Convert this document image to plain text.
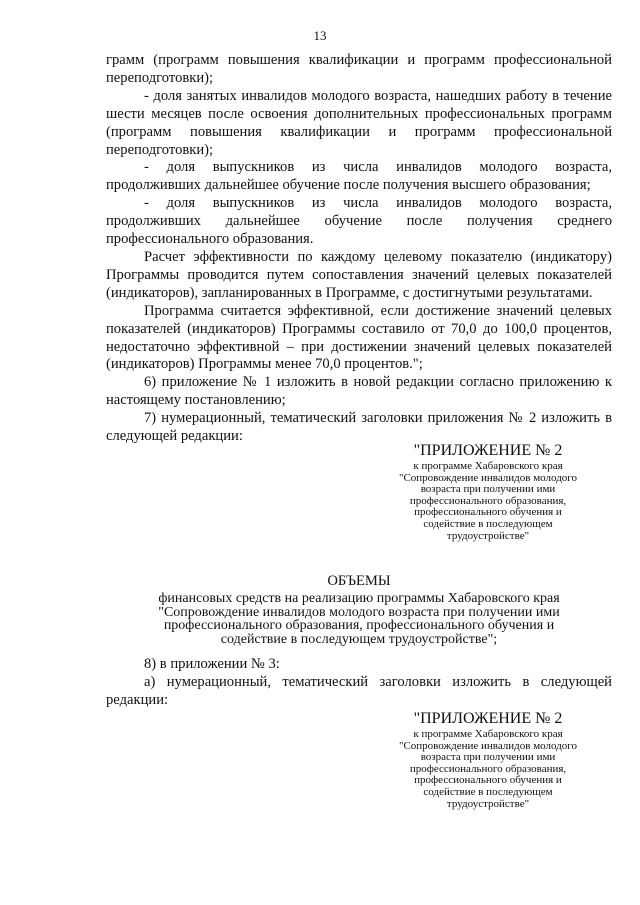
13

грамм (программ повышения квалификации и программ профессиональной переподготовки);

- доля занятых инвалидов молодого возраста, нашедших работу в течение шести месяцев после освоения дополнительных профессиональных программ (программ повышения квалификации и программ профессиональной переподготовки);

- доля выпускников из числа инвалидов молодого возраста, продолживших дальнейшее обучение после получения высшего образования;

- доля выпускников из числа инвалидов молодого возраста, продолживших дальнейшее обучение после получения среднего профессионального образования.

Расчет эффективности по каждому целевому показателю (индикатору) Программы проводится путем сопоставления значений целевых показателей (индикаторов), запланированных в Программе, с достигнутыми результатами.

Программа считается эффективной, если достижение значений целевых показателей (индикаторов) Программы составило от 70,0 до 100,0 процентов, недостаточно эффективной – при достижении значений целевых показателей (индикаторов) Программы менее 70,0 процентов.";

6) приложение № 1 изложить в новой редакции согласно приложению к настоящему постановлению;

7) нумерационный, тематический заголовки приложения № 2 изложить в следующей редакции:

"ПРИЛОЖЕНИЕ № 2
к программе Хабаровского края
"Сопровождение инвалидов молодого
возраста при получении ими
профессионального образования,
профессионального обучения и
содействие в последующем
трудоустройстве"
ОБЪЕМЫ
финансовых средств на реализацию программы Хабаровского края
"Сопровождение инвалидов молодого возраста при получении ими
профессионального образования, профессионального обучения и
содействие в последующем трудоустройстве";

8) в приложении № 3:

а) нумерационный, тематический заголовки изложить в следующей редакции:

"ПРИЛОЖЕНИЕ № 2
к программе Хабаровского края
"Сопровождение инвалидов молодого
возраста при получении ими
профессионального образования,
профессионального обучения и
содействие в последующем
трудоустройстве"
